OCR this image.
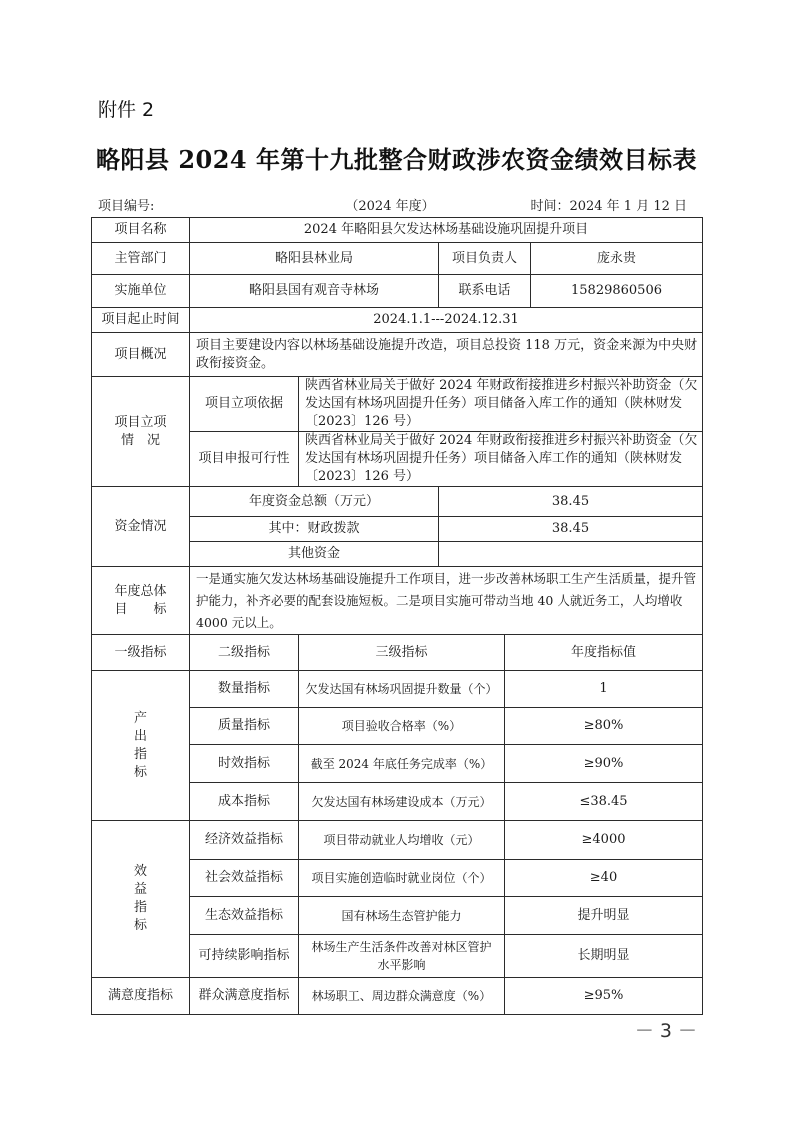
附件 2
略阳县 2024 年第十九批整合财政涉农资金绩效目标表
项目编号:	（2024 年度）	时间：2024 年 1 月 12 日
项目名称	2024 年略阳县欠发达林场基础设施巩固提升项目				
主管部门	略阳县林业局		项目负责人		庞永贵
实施单位	略阳县国有观音寺林场		联系电话		15829860506
项目起止时间	2024.1.1---2024.12.31				
项目概况	项目主要建设内容以林场基础设施提升改造，项目总投资 118 万元，资金来源为中央财政衔接资金。				

项目立项
情　况	项目立项依据	陕西省林业局关于做好 2024 年财政衔接推进乡村振兴补助资金（欠发达国有林场巩固提升任务）项目储备入库工作的通知（陕林财发〔2023〕126 号）			
	项目申报可行性	陕西省林业局关于做好 2024 年财政衔接推进乡村振兴补助资金（欠发达国有林场巩固提升任务）项目储备入库工作的通知（陕林财发〔2023〕126 号）			
资金情况	年度资金总额（万元）		38.45		
	其中：财政拨款		38.45		
	其他资金				

年度总体
目　　标	一是通实施欠发达林场基础设施提升工作项目，进一步改善林场职工生产生活质量，提升管护能力，补齐必要的配套设施短板。二是项目实施可带动当地 40 人就近务工，人均增收 4000 元以上。				
一级指标	二级指标	三级指标		年度指标值	

产
出
指
标	数量指标	欠发达国有林场巩固提升数量（个）		1	
	质量指标	项目验收合格率（%）		≥80%	
	时效指标	截至 2024 年底任务完成率（%）		≥90%	
	成本指标	欠发达国有林场建设成本（万元）		≤38.45	

效
益
指
标	经济效益指标	项目带动就业人均增收（元）		≥4000	
	社会效益指标	项目实施创造临时就业岗位（个）		≥40	
	生态效益指标	国有林场生态管护能力		提升明显	
	可持续影响指标	林场生产生活条件改善对林区管护水平影响		长期明显	
满意度指标	群众满意度指标	林场职工、周边群众满意度（%）		≥95%	
－ 3 －
